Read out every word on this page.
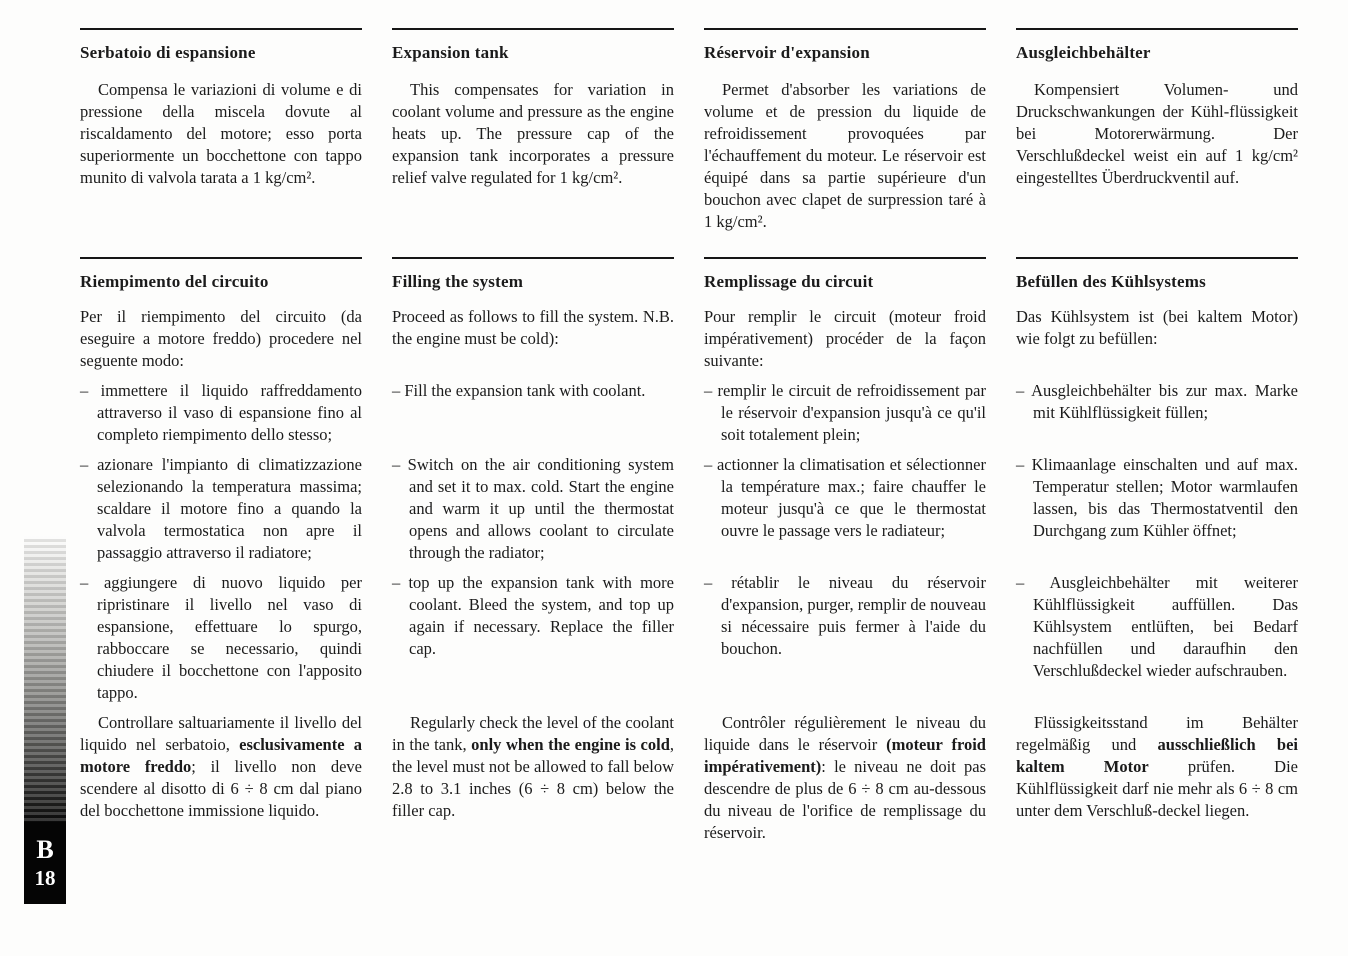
B
18
Serbatoio di espansione	Expansion tank	Réservoir d'expansion	Ausgleichbehälter
Compensa le variazioni di volume e di pressione della miscela dovute al riscaldamento del motore; esso porta superiormente un bocchettone con tappo munito di valvola tarata a 1 kg/cm².
This compensates for variation in coolant volume and pressure as the engine heats up. The pressure cap of the expansion tank incorporates a pressure relief valve regulated for 1 kg/cm².
Permet d'absorber les variations de volume et de pression du liquide de refroidissement provoquées par l'échauffement du moteur. Le réservoir est équipé dans sa partie supérieure d'un bouchon avec clapet de surpression taré à 1 kg/cm².
Kompensiert Volumen- und Druckschwankungen der Kühl-flüssigkeit bei Motorerwärmung. Der Verschlußdeckel weist ein auf 1 kg/cm² eingestelltes Überdruckventil auf.
Riempimento del circuito	Filling the system	Remplissage du circuit	Befüllen des Kühlsystems
Per il riempimento del circuito (da eseguire a motore freddo) procedere nel seguente modo:
Proceed as follows to fill the system. N.B. the engine must be cold):
Pour remplir le circuit (moteur froid impérativement) procéder de la façon suivante:
Das Kühlsystem ist (bei kaltem Motor) wie folgt zu befüllen:
– immettere il liquido raffreddamento attraverso il vaso di espansione fino al completo riempimento dello stesso;
– Fill the expansion tank with coolant.	– remplir le circuit de refroidissement par le réservoir d'expansion jusqu'à ce qu'il soit totalement plein;
– Ausgleichbehälter bis zur max. Marke mit Kühlflüssigkeit füllen;
– azionare l'impianto di climatizzazione selezionando la temperatura massima; scaldare il motore fino a quando la valvola termostatica non apre il passaggio attraverso il radiatore;
– Switch on the air conditioning system and set it to max. cold. Start the engine and warm it up until the thermostat opens and allows coolant to circulate through the radiator;
– actionner la climatisation et sélectionner la température max.; faire chauffer le moteur jusqu'à ce que le thermostat ouvre le passage vers le radiateur;
– Klimaanlage einschalten und auf max. Temperatur stellen; Motor warmlaufen lassen, bis das Thermostatventil den Durchgang zum Kühler öffnet;
– aggiungere di nuovo liquido per ripristinare il livello nel vaso di espansione, effettuare lo spurgo, rabboccare se necessario, quindi chiudere il bocchettone con l'apposito tappo.
– top up the expansion tank with more coolant. Bleed the system, and top up again if necessary. Replace the filler cap.
– rétablir le niveau du réservoir d'expansion, purger, remplir de nouveau si nécessaire puis fermer à l'aide du bouchon.
– Ausgleichbehälter mit weiterer Kühlflüssigkeit auffüllen. Das Kühlsystem entlüften, bei Bedarf nachfüllen und daraufhin den Verschlußdeckel wieder aufschrauben.
Controllare saltuariamente il livello del liquido nel serbatoio, esclusivamente a motore freddo; il livello non deve scendere al disotto di 6 ÷ 8 cm dal piano del bocchettone immissione liquido.
Regularly check the level of the coolant in the tank, only when the engine is cold, the level must not be allowed to fall below 2.8 to 3.1 inches (6 ÷ 8 cm) below the filler cap.
Contrôler régulièrement le niveau du liquide dans le réservoir (moteur froid impérativement): le niveau ne doit pas descendre de plus de 6 ÷ 8 cm au-dessous du niveau de l'orifice de remplissage du réservoir.
Flüssigkeitsstand im Behälter regelmäßig und ausschließlich bei kaltem Motor prüfen. Die Kühlflüssigkeit darf nie mehr als 6 ÷ 8 cm unter dem Verschluß-deckel liegen.
